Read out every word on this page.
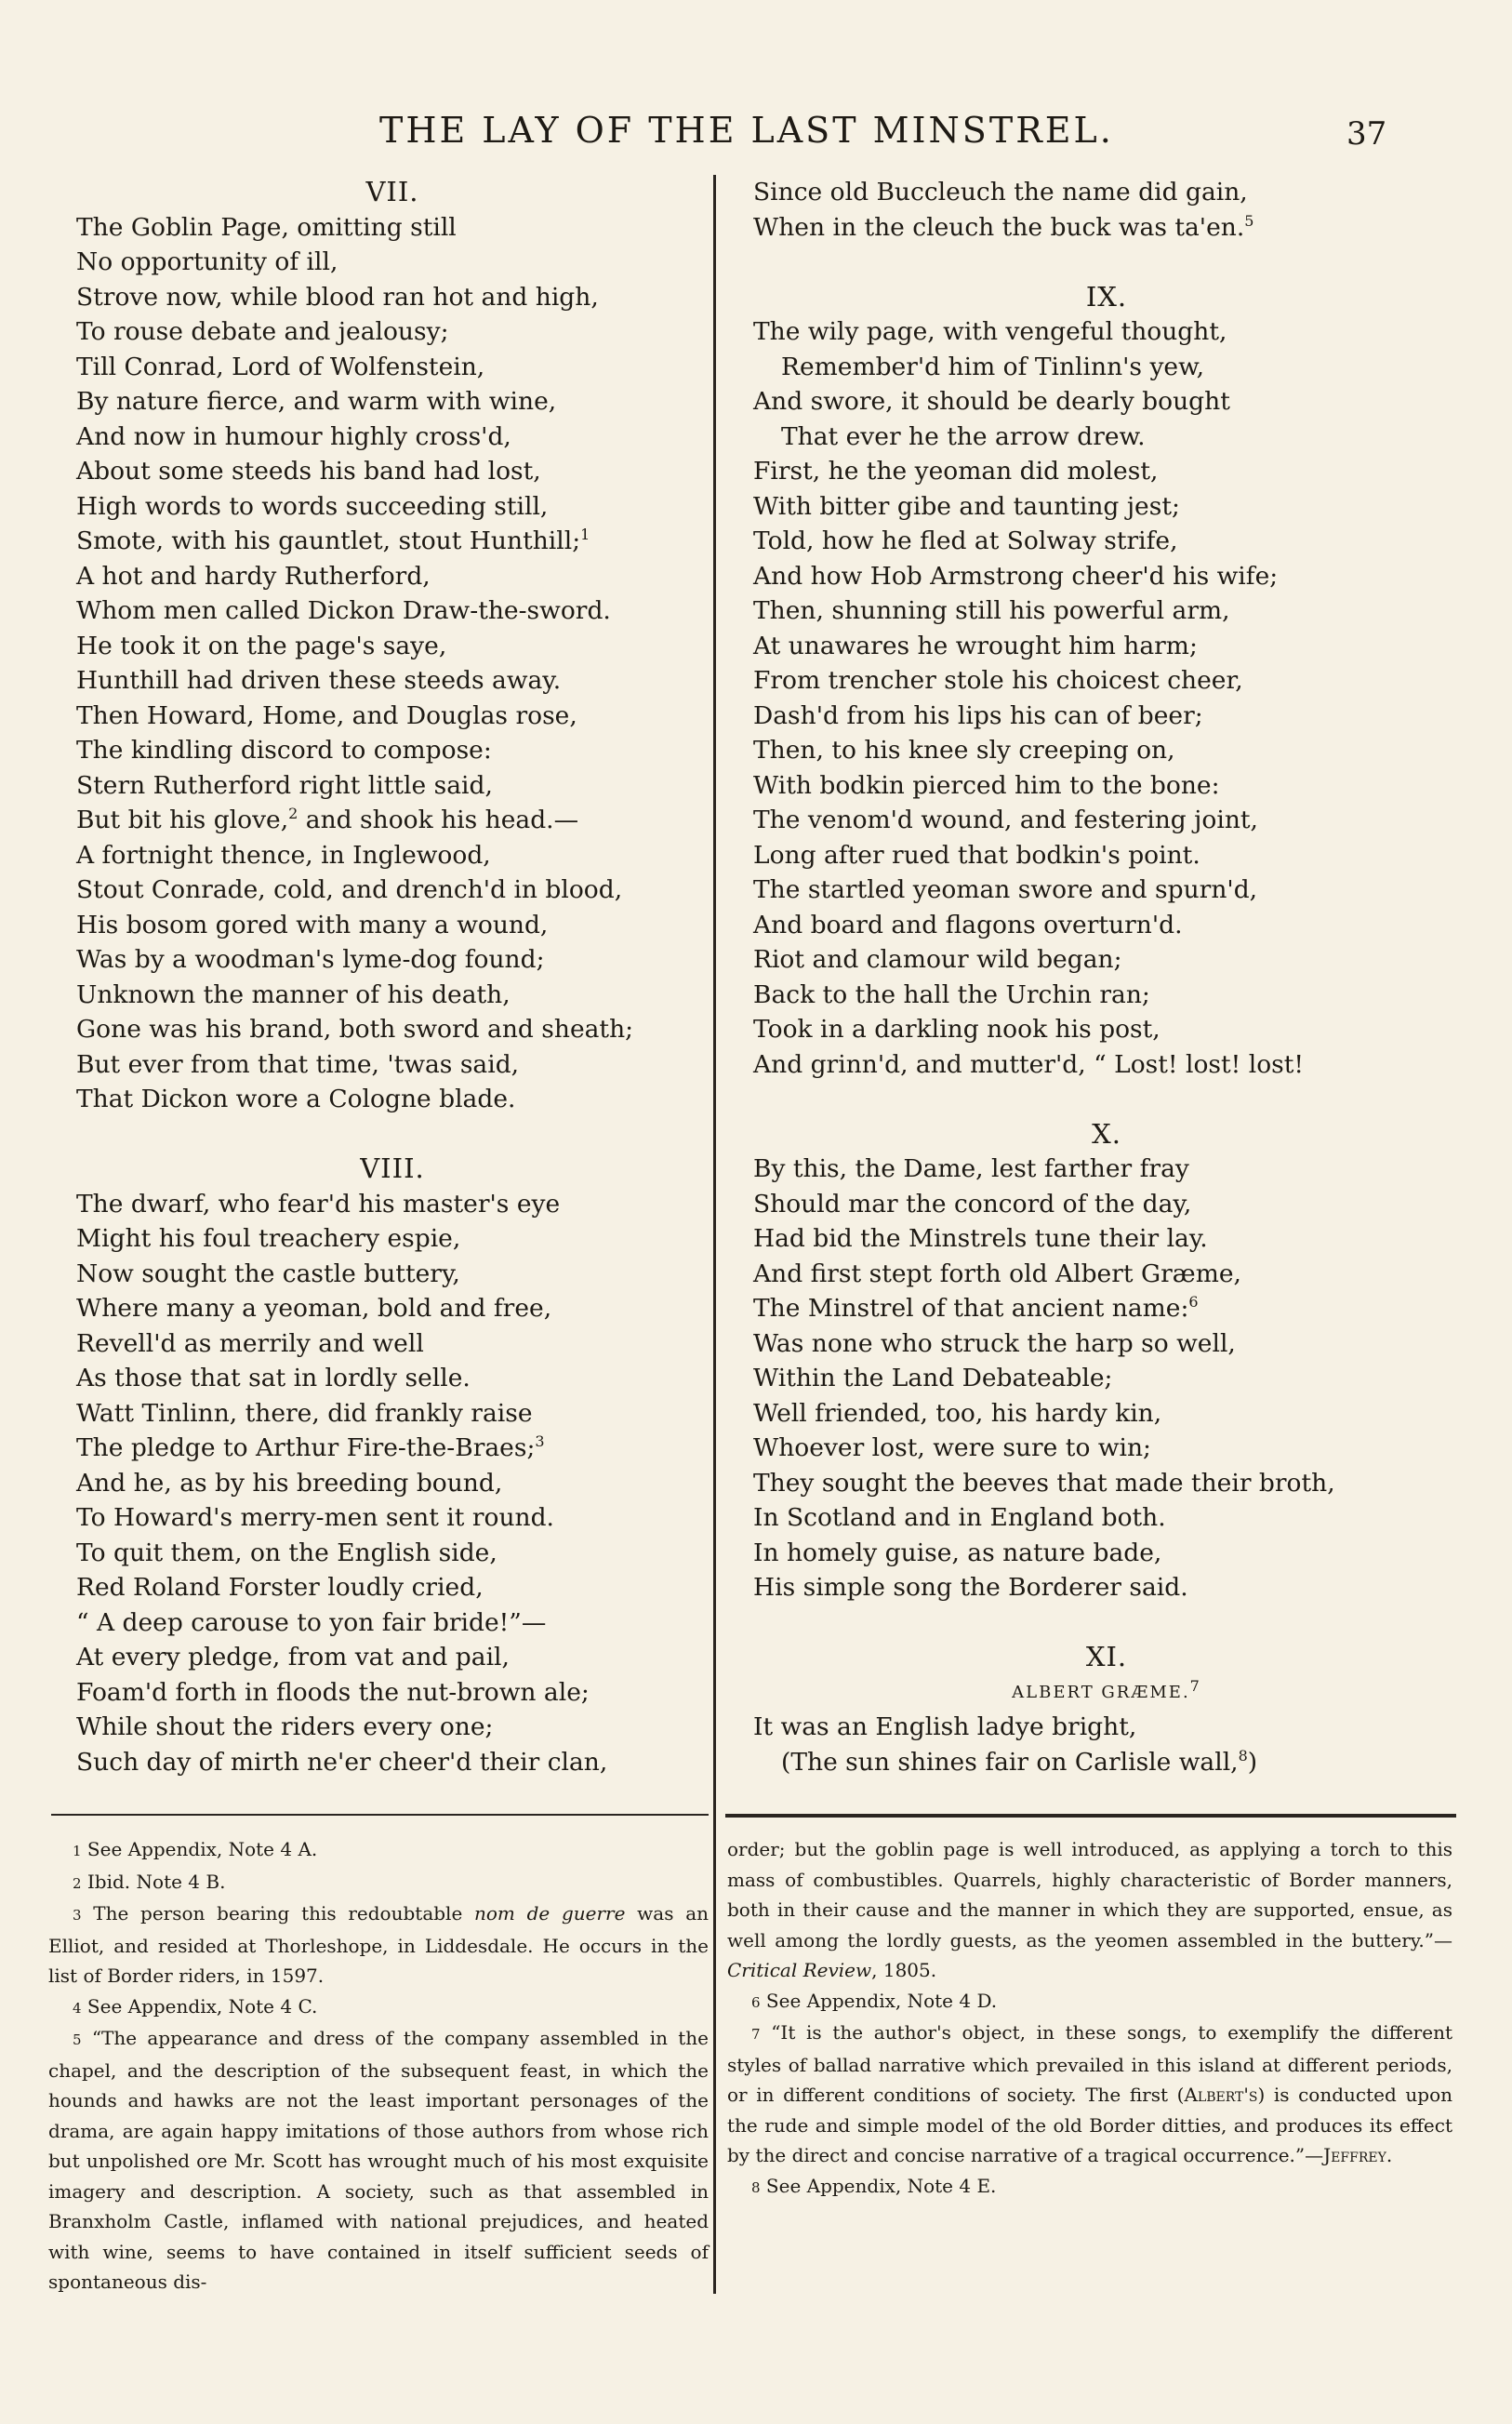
THE LAY OF THE LAST MINSTREL.	37
VII.
The Goblin Page, omitting still
No opportunity of ill,
Strove now, while blood ran hot and high,
To rouse debate and jealousy;
Till Conrad, Lord of Wolfenstein,
By nature fierce, and warm with wine,
And now in humour highly cross'd,
About some steeds his band had lost,
High words to words succeeding still,
Smote, with his gauntlet, stout Hunthill;$^1$
A hot and hardy Rutherford,
Whom men called Dickon Draw-the-sword.
He took it on the page's saye,
Hunthill had driven these steeds away.
Then Howard, Home, and Douglas rose,
The kindling discord to compose:
Stern Rutherford right little said,
But bit his glove,$^2$ and shook his head.—
A fortnight thence, in Inglewood,
Stout Conrade, cold, and drench'd in blood,
His bosom gored with many a wound,
Was by a woodman's lyme-dog found;
Unknown the manner of his death,
Gone was his brand, both sword and sheath;
But ever from that time, 'twas said,
That Dickon wore a Cologne blade.
VIII.
The dwarf, who fear'd his master's eye
Might his foul treachery espie,
Now sought the castle buttery,
Where many a yeoman, bold and free,
Revell'd as merrily and well
As those that sat in lordly selle.
Watt Tinlinn, there, did frankly raise
The pledge to Arthur Fire-the-Braes;$^3$
And he, as by his breeding bound,
To Howard's merry-men sent it round.
To quit them, on the English side,
Red Roland Forster loudly cried,
“ A deep carouse to yon fair bride!”—
At every pledge, from vat and pail,
Foam'd forth in floods the nut-brown ale;
While shout the riders every one;
Such day of mirth ne'er cheer'd their clan,
Since old Buccleuch the name did gain,
When in the cleuch the buck was ta'en.$^5$
IX.
The wily page, with vengeful thought,
Remember'd him of Tinlinn's yew,
And swore, it should be dearly bought
That ever he the arrow drew.
First, he the yeoman did molest,
With bitter gibe and taunting jest;
Told, how he fled at Solway strife,
And how Hob Armstrong cheer'd his wife;
Then, shunning still his powerful arm,
At unawares he wrought him harm;
From trencher stole his choicest cheer,
Dash'd from his lips his can of beer;
Then, to his knee sly creeping on,
With bodkin pierced him to the bone:
The venom'd wound, and festering joint,
Long after rued that bodkin's point.
The startled yeoman swore and spurn'd,
And board and flagons overturn'd.
Riot and clamour wild began;
Back to the hall the Urchin ran;
Took in a darkling nook his post,
And grinn'd, and mutter'd, “ Lost! lost! lost!
X.
By this, the Dame, lest farther fray
Should mar the concord of the day,
Had bid the Minstrels tune their lay.
And first stept forth old Albert Græme,
The Minstrel of that ancient name:$^6$
Was none who struck the harp so well,
Within the Land Debateable;
Well friended, too, his hardy kin,
Whoever lost, were sure to win;
They sought the beeves that made their broth,
In Scotland and in England both.
In homely guise, as nature bade,
His simple song the Borderer said.
XI.
ALBERT GRÆME.$^7$
It was an English ladye bright,
(The sun shines fair on Carlisle wall,$^8$)
1 See Appendix, Note 4 A.
2 Ibid. Note 4 B.
3 The person bearing this redoubtable nom de guerre was an Elliot, and resided at Thorleshope, in Liddesdale. He occurs in the list of Border riders, in 1597.
4 See Appendix, Note 4 C.
5 “The appearance and dress of the company assembled in the chapel, and the description of the subsequent feast, in which the hounds and hawks are not the least important personages of the drama, are again happy imitations of those authors from whose rich but unpolished ore Mr. Scott has wrought much of his most exquisite imagery and description. A society, such as that assembled in Branxholm Castle, inflamed with national prejudices, and heated with wine, seems to have contained in itself sufficient seeds of spontaneous dis-
order; but the goblin page is well introduced, as applying a torch to this mass of combustibles. Quarrels, highly characteristic of Border manners, both in their cause and the manner in which they are supported, ensue, as well among the lordly guests, as the yeomen assembled in the buttery.”—Critical Review, 1805.
6 See Appendix, Note 4 D.
7 “It is the author's object, in these songs, to exemplify the different styles of ballad narrative which prevailed in this island at different periods, or in different conditions of society. The first (Albert's) is conducted upon the rude and simple model of the old Border ditties, and produces its effect by the direct and concise narrative of a tragical occurrence.”—Jeffrey.
8 See Appendix, Note 4 E.
